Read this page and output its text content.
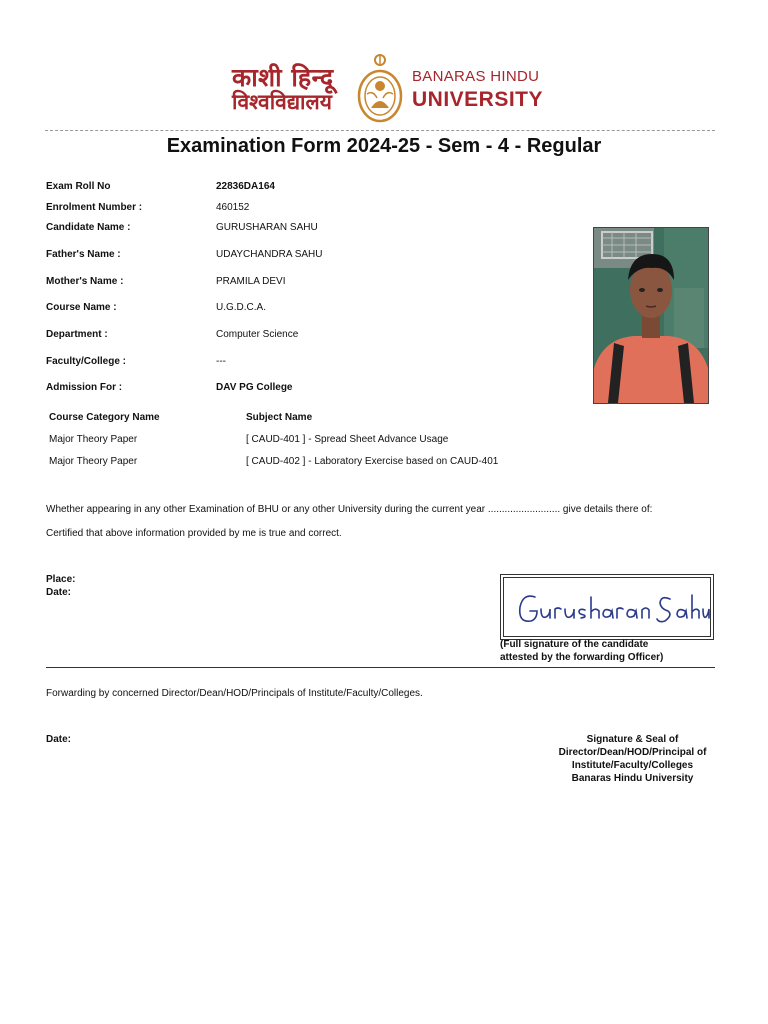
काशी हिन्दू
विश्वविद्यालय
BANARAS HINDU
UNIVERSITY
Examination Form 2024-25 - Sem - 4 - Regular
Exam Roll No	22836DA164
Enrolment Number :	460152
Candidate Name :	GURUSHARAN SAHU
Father's Name :	UDAYCHANDRA SAHU
Mother's Name :	PRAMILA DEVI
Course Name :	U.G.D.C.A.
Department :	Computer Science
Faculty/College :	---
Admission For :	DAV PG College
Course Category Name	Subject Name
Major Theory Paper	[ CAUD-401 ] - Spread Sheet Advance Usage
Major Theory Paper	[ CAUD-402 ] - Laboratory Exercise based on CAUD-401
Whether appearing in any other Examination of BHU or any other University during the current year .......................... give details there of:
Certified that above information provided by me is true and correct.
Place:
Date:
(Full signature of the candidate
attested by the forwarding Officer)
Forwarding by concerned Director/Dean/HOD/Principals of Institute/Faculty/Colleges.
Date:	Signature & Seal of
Director/Dean/HOD/Principal of
Institute/Faculty/Colleges
Banaras Hindu University
